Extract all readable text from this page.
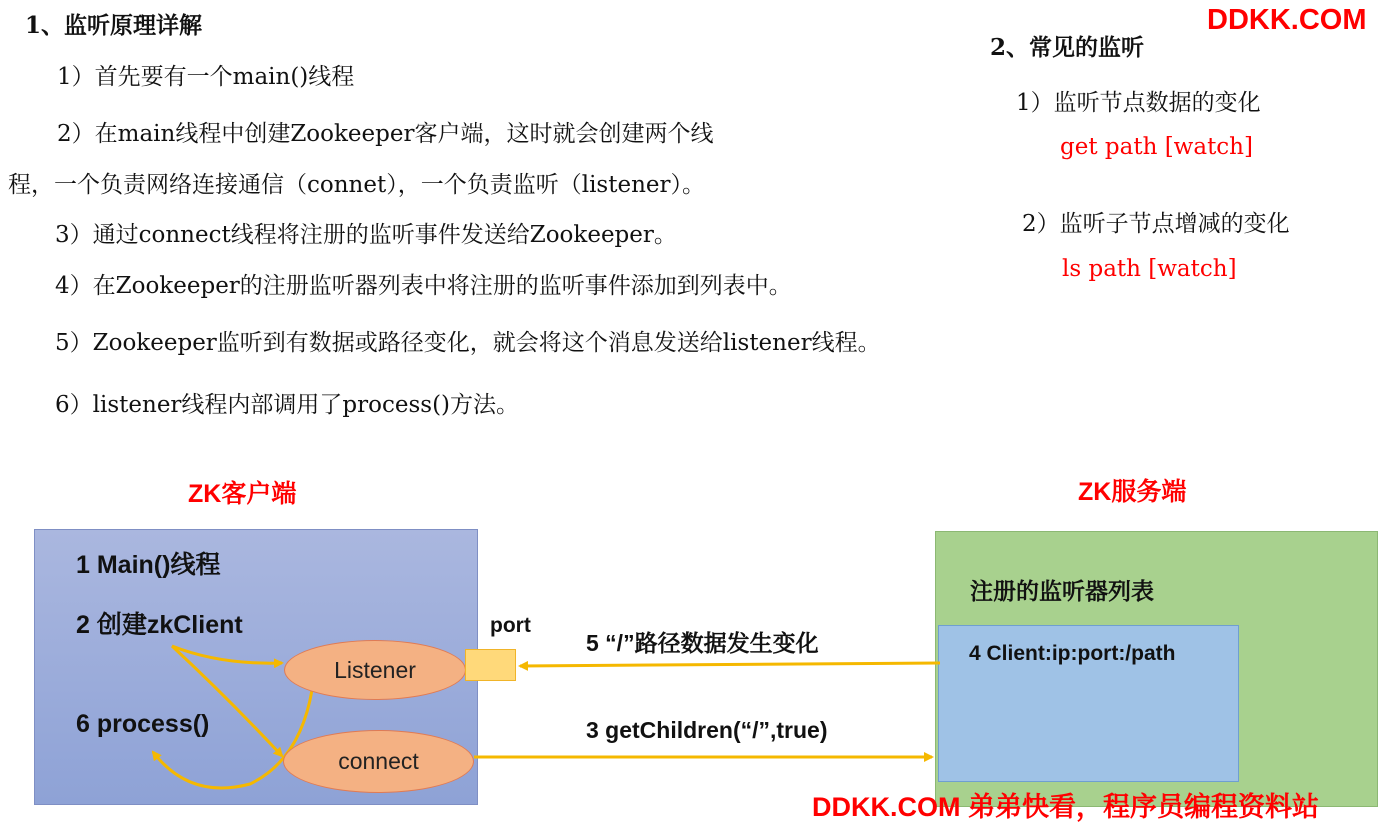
DDKK.COM
1、监听原理详解
1）首先要有一个main()线程
2）在main线程中创建Zookeeper客户端，这时就会创建两个线
程，一个负责网络连接通信（connet），一个负责监听（listener）。
3）通过connect线程将注册的监听事件发送给Zookeeper。
4）在Zookeeper的注册监听器列表中将注册的监听事件添加到列表中。
5）Zookeeper监听到有数据或路径变化，就会将这个消息发送给listener线程。
6）listener线程内部调用了process()方法。
2、常见的监听
1）监听节点数据的变化
get path [watch]
2）监听子节点增减的变化
ls path [watch]
ZK客户端	ZK服务端
1 Main()线程
2 创建zkClient
6 process()
注册的监听器列表
4 Client:ip:port:/path
Listener
connect
port
5 “/”路径数据发生变化
3 getChildren(“/”,true)
DDKK.COM 弟弟快看，程序员编程资料站
